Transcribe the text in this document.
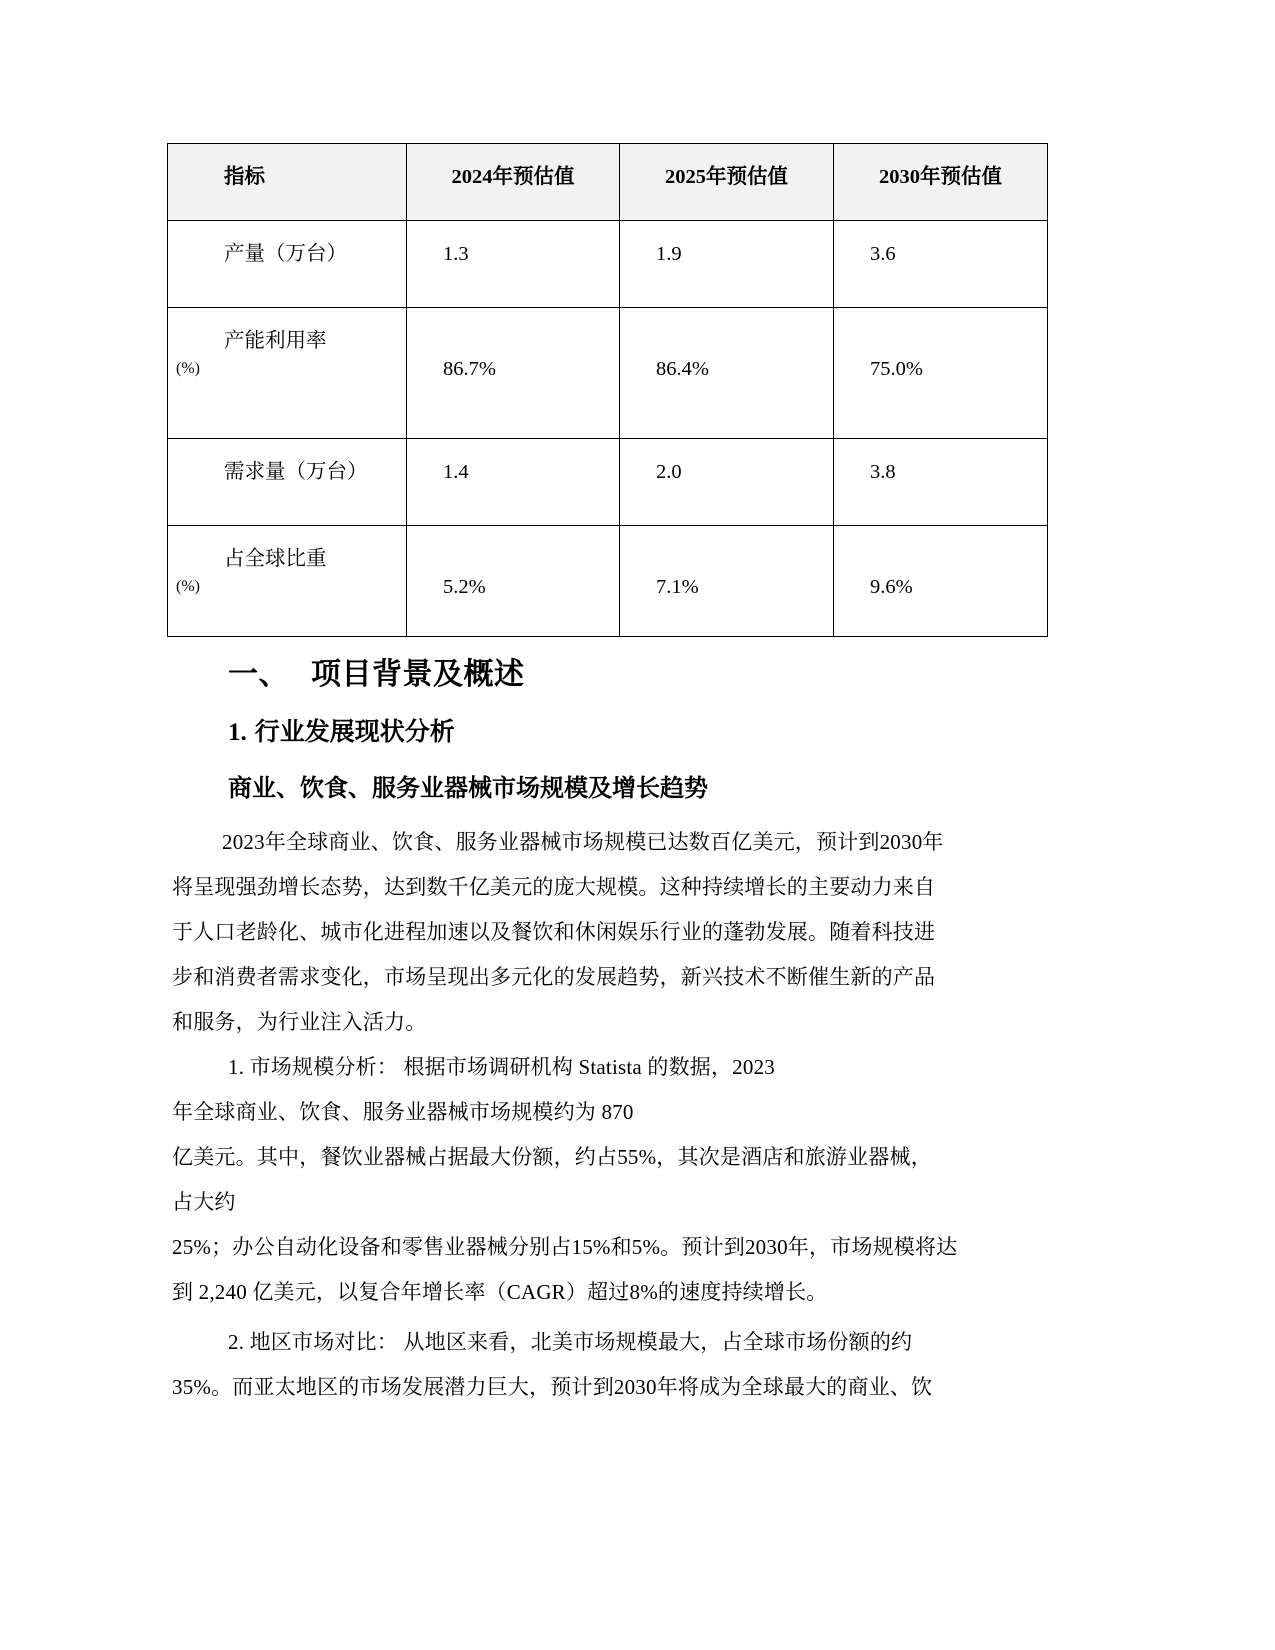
指标	2024年预估值	2025年预估值	2030年预估值

产量（万台）	1.3	1.9	3.6

产能利用率
(%)	86.7%	86.4%	75.0%

需求量（万台）	1.4	2.0	3.8

占全球比重
(%)	5.2%	7.1%	9.6%
一、 项目背景及概述
1. 行业发展现状分析
商业、饮食、服务业器械市场规模及增长趋势
2023年全球商业、饮食、服务业器械市场规模已达数百亿美元，预计到2030年
将呈现强劲增长态势，达到数千亿美元的庞大规模。这种持续增长的主要动力来自
于人口老龄化、城市化进程加速以及餐饮和休闲娱乐行业的蓬勃发展。随着科技进
步和消费者需求变化，市场呈现出多元化的发展趋势，新兴技术不断催生新的产品
和服务，为行业注入活力。
1. 市场规模分析： 根据市场调研机构 Statista 的数据，2023
年全球商业、饮食、服务业器械市场规模约为 870
亿美元。其中，餐饮业器械占据最大份额，约占55%，其次是酒店和旅游业器械，
占大约
25%；办公自动化设备和零售业器械分别占15%和5%。预计到2030年，市场规模将达
到 2,240 亿美元，以复合年增长率（CAGR）超过8%的速度持续增长。
2. 地区市场对比： 从地区来看，北美市场规模最大，占全球市场份额的约
35%。而亚太地区的市场发展潜力巨大，预计到2030年将成为全球最大的商业、饮
